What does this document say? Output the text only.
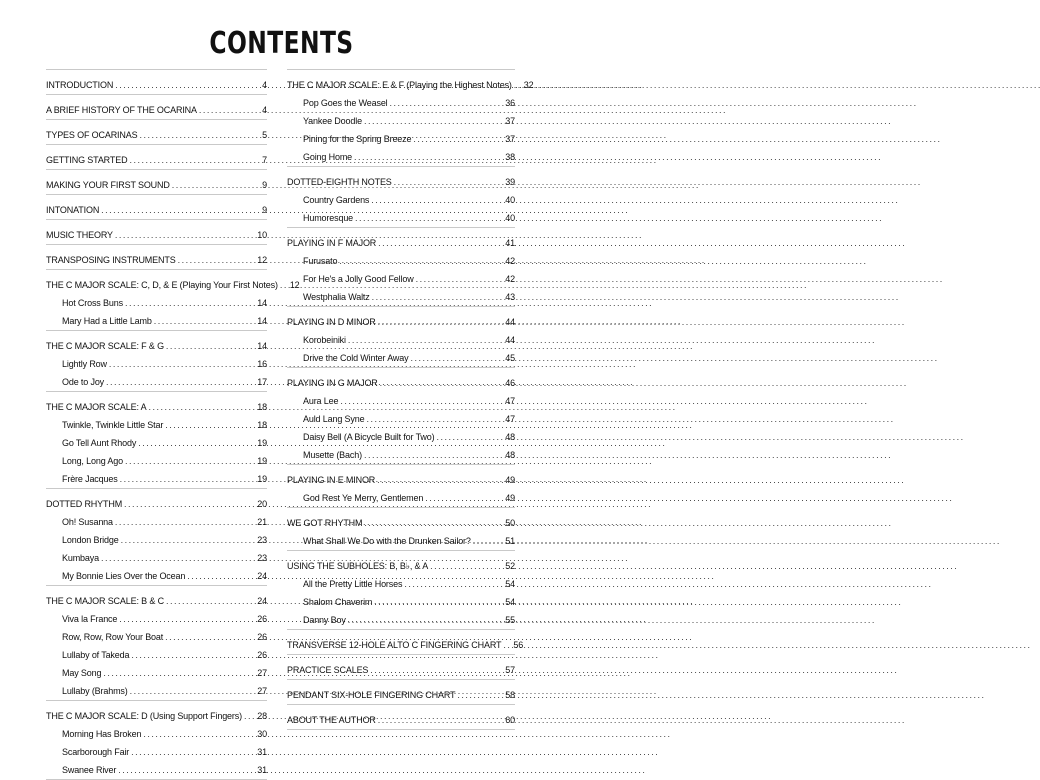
CONTENTS
INTRODUCTION . . .	4
A BRIEF HISTORY OF THE OCARINA . . .	4
TYPES OF OCARINAS . . .	5
GETTING STARTED . . .	7
MAKING YOUR FIRST SOUND . . .	9
INTONATION . . .	9
MUSIC THEORY . . .	10
TRANSPOSING INSTRUMENTS . . .	12
THE C MAJOR SCALE: C, D, & E (Playing Your First Notes) . . . 12
Hot Cross Buns . . .	14
Mary Had a Little Lamb . . .	14
THE C MAJOR SCALE: F & G . . .	14
Lightly Row . . .	16
Ode to Joy . . .	17
THE C MAJOR SCALE: A . . .	18
Twinkle, Twinkle Little Star . . .	18
Go Tell Aunt Rhody . . .	19
Long, Long Ago . . .	19
Frère Jacques . . .	19
DOTTED RHYTHM . . .	20
Oh! Susanna . . .	21
London Bridge . . .	23
Kumbaya . . .	23
My Bonnie Lies Over the Ocean . . .	24
THE C MAJOR SCALE: B & C . . .	24
Viva la France . . .	26
Row, Row, Row Your Boat . . .	26
Lullaby of Takeda . . .	26
May Song . . .	27
Lullaby (Brahms) . . .	27
THE C MAJOR SCALE: D (Using Support Fingers) . . . 28
Morning Has Broken . . .	30
Scarborough Fair . . .	31
Swanee River . . .	31
THE C MAJOR SCALE: E & F (Playing the Highest Notes) . . . 32
Pop Goes the Weasel . . .	36
Yankee Doodle . . .	37
Pining for the Spring Breeze . . .	37
Going Home . . .	38
DOTTED-EIGHTH NOTES . . .	39
Country Gardens . . .	40
Humoresque . . .	40
PLAYING IN F MAJOR . . .	41
Furusato . . .	42
For He's a Jolly Good Fellow . . .	42
Westphalia Waltz . . .	43
PLAYING IN D MINOR . . .	44
Korobeiniki . . .	44
Drive the Cold Winter Away . . .	45
PLAYING IN G MAJOR . . .	46
Aura Lee . . .	47
Auld Lang Syne . . .	47
Daisy Bell (A Bicycle Built for Two) . . .	48
Musette (Bach) . . .	48
PLAYING IN E MINOR . . .	49
God Rest Ye Merry, Gentlemen . . .	49
WE GOT RHYTHM . . .	50
What Shall We Do with the Drunken Sailor? . . .	51
USING THE SUBHOLES: B, B♭, & A . . .	52
All the Pretty Little Horses . . .	54
Shalom Chaverim . . .	54
Danny Boy . . .	55
TRANSVERSE 12-HOLE ALTO C FINGERING CHART . . . 56
PRACTICE SCALES . . .	57
PENDANT SIX-HOLE FINGERING CHART . . .	58
ABOUT THE AUTHOR . . .	60
